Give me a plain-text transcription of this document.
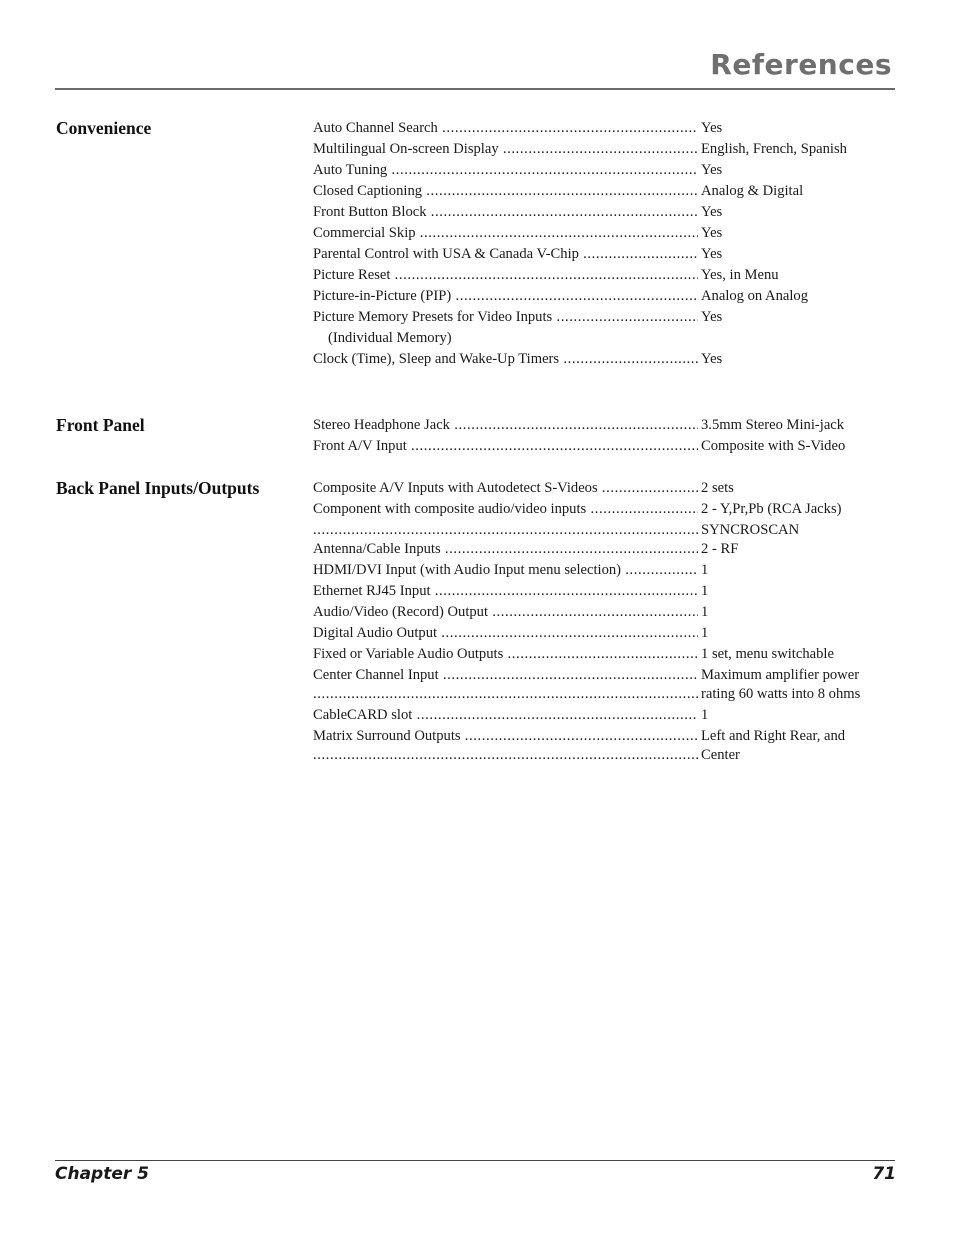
References
Convenience	Auto Channel Search .....	Yes
Multilingual On-screen Display .....	English, French, Spanish
Auto Tuning .....	Yes
Closed Captioning .....	Analog & Digital
Front Button Block .....	Yes
Commercial Skip .....	Yes
Parental Control with USA & Canada V-Chip .....	Yes
Picture Reset .....	Yes, in Menu
Picture-in-Picture (PIP) .....	Analog on Analog
Picture Memory Presets for Video Inputs .....	Yes
(Individual Memory)
Clock (Time), Sleep and Wake-Up Timers .....	Yes
Front Panel	Stereo Headphone Jack .....	3.5mm Stereo Mini-jack
Front A/V Input .....	Composite with S-Video
Back Panel Inputs/Outputs	Composite A/V Inputs with Autodetect S-Videos .....	2 sets
Component with composite audio/video inputs .....	2 - Y,Pr,Pb (RCA Jacks)
.....
SYNCROSCAN
Antenna/Cable Inputs .....	2 - RF
HDMI/DVI Input (with Audio Input menu selection) .....	1
Ethernet RJ45 Input .....	1
Audio/Video (Record) Output .....	1
Digital Audio Output .....	1
Fixed or Variable Audio Outputs .....	1 set, menu switchable
Center Channel Input .....	Maximum amplifier power
.....
rating 60 watts into 8 ohms
CableCARD slot .....	1
Matrix Surround Outputs .....	Left and Right Rear, and
.....
Center
Chapter 5	71
